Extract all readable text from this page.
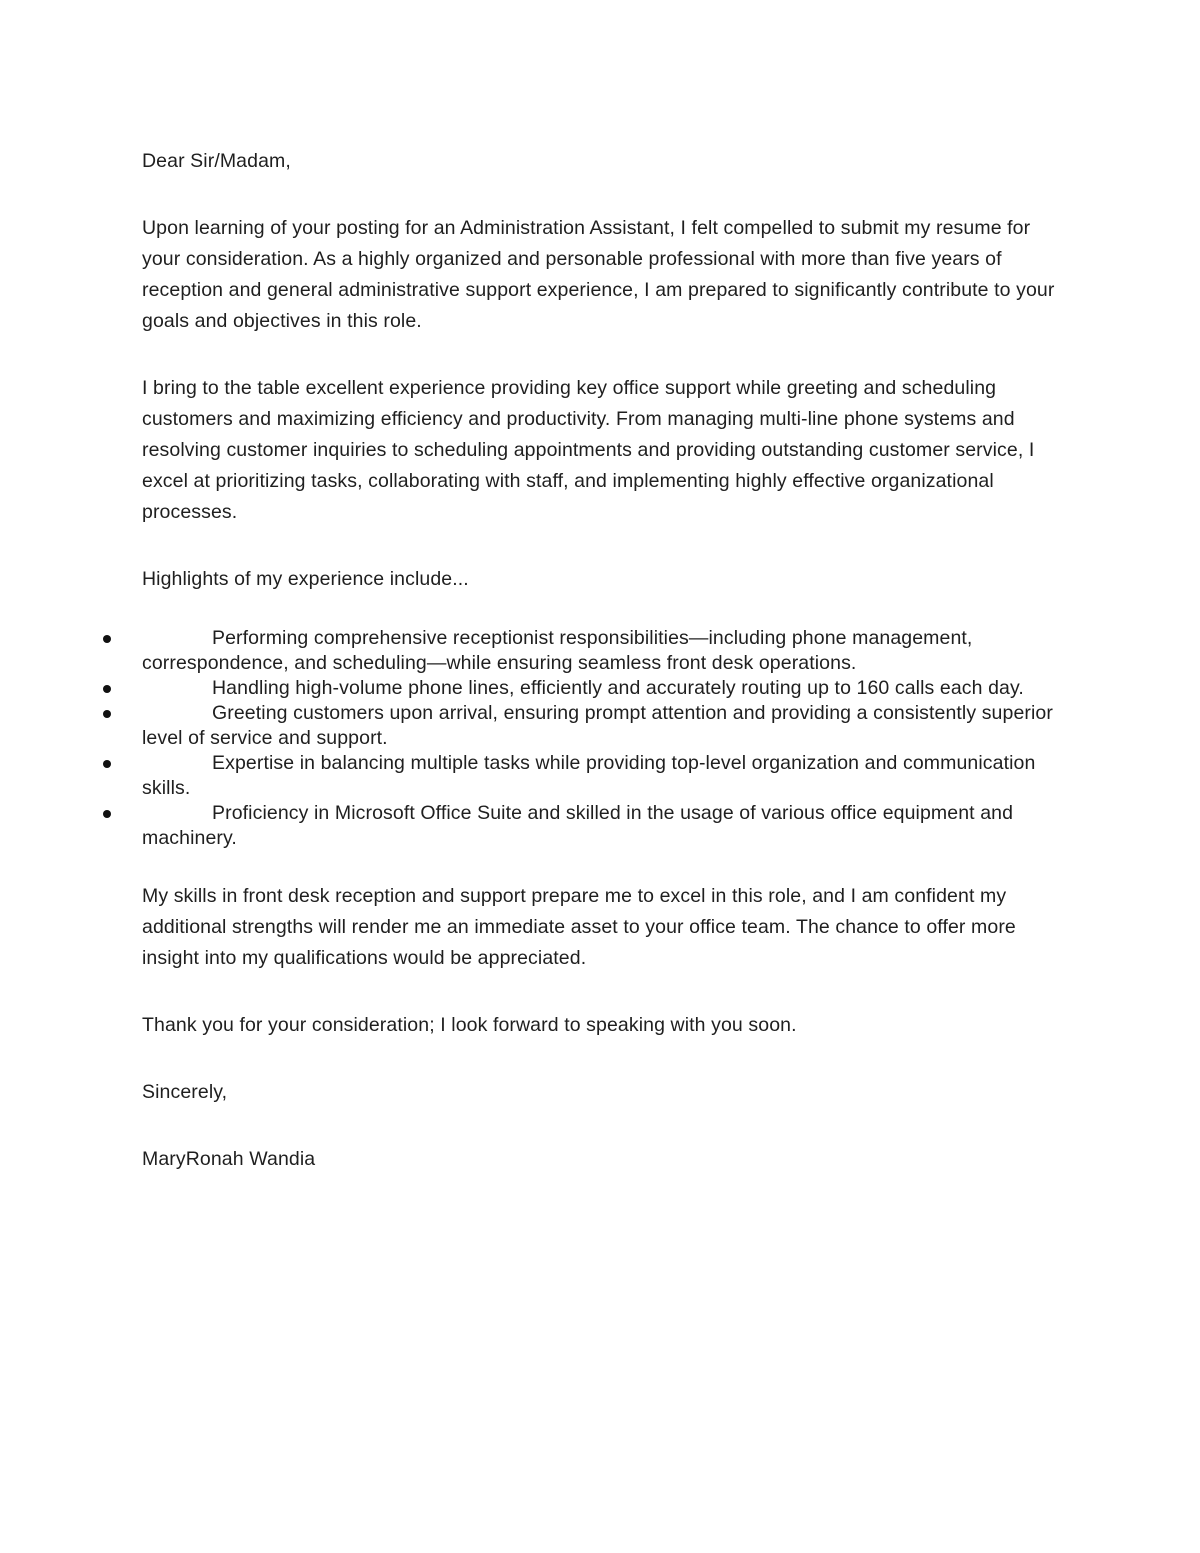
Dear Sir/Madam,

Upon learning of your posting for an Administration Assistant, I felt compelled to submit my resume for your consideration. As a highly organized and personable professional with more than five years of reception and general administrative support experience, I am prepared to significantly contribute to your goals and objectives in this role.

I bring to the table excellent experience providing key office support while greeting and scheduling customers and maximizing efficiency and productivity. From managing multi-line phone systems and resolving customer inquiries to scheduling appointments and providing outstanding customer service, I excel at prioritizing tasks, collaborating with staff, and implementing highly effective organizational processes.

Highlights of my experience include...

Performing comprehensive receptionist responsibilities—including phone management, correspondence, and scheduling—while ensuring seamless front desk operations.
Handling high-volume phone lines, efficiently and accurately routing up to 160 calls each day.
Greeting customers upon arrival, ensuring prompt attention and providing a consistently superior level of service and support.
Expertise in balancing multiple tasks while providing top-level organization and communication skills.
Proficiency in Microsoft Office Suite and skilled in the usage of various office equipment and machinery.

My skills in front desk reception and support prepare me to excel in this role, and I am confident my additional strengths will render me an immediate asset to your office team. The chance to offer more insight into my qualifications would be appreciated.

Thank you for your consideration; I look forward to speaking with you soon.

Sincerely,

MaryRonah Wandia
